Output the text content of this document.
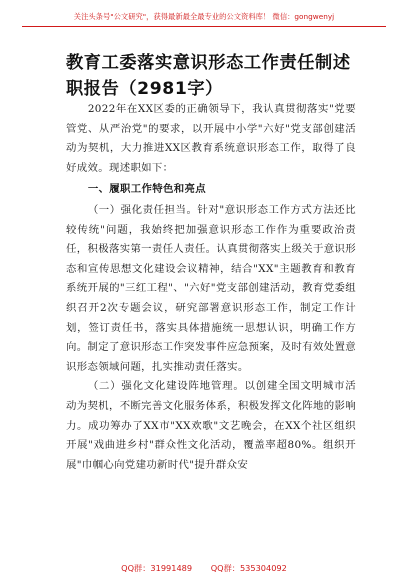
关注头条号"公文研究"，获得最新最全最专业的公文资料库！ 微信：gongwenyj
教育工委落实意识形态工作责任制述职报告（2981字）

2022年在XX区委的正确领导下，我认真贯彻落实"党要管党、从严治党"的要求，以开展中小学"六好"党支部创建活动为契机，大力推进XX区教育系统意识形态工作，取得了良好成效。现述职如下：

一、履职工作特色和亮点

（一）强化责任担当。针对"意识形态工作方式方法还比较传统"问题，我始终把加强意识形态工作作为重要政治责任，积极落实第一责任人责任。认真贯彻落实上级关于意识形态和宣传思想文化建设会议精神，结合"XX"主题教育和教育系统开展的"三红工程"、"六好"党支部创建活动，教育党委组织召开2次专题会议，研究部署意识形态工作，制定工作计划，签订责任书，落实具体措施统一思想认识，明确工作方向。制定了意识形态工作突发事件应急预案，及时有效处置意识形态领域问题，扎实推动责任落实。

（二）强化文化建设阵地管理。以创建全国文明城市活动为契机，不断完善文化服务体系，积极发挥文化阵地的影响力。成功筹办了XX市"XX欢歌"文艺晚会，在XX个社区组织开展"戏曲进乡村"群众性文化活动，覆盖率超80%。组织开展"巾帼心向党建功新时代"提升群众安

QQ群：31991489 QQ群：535304092
